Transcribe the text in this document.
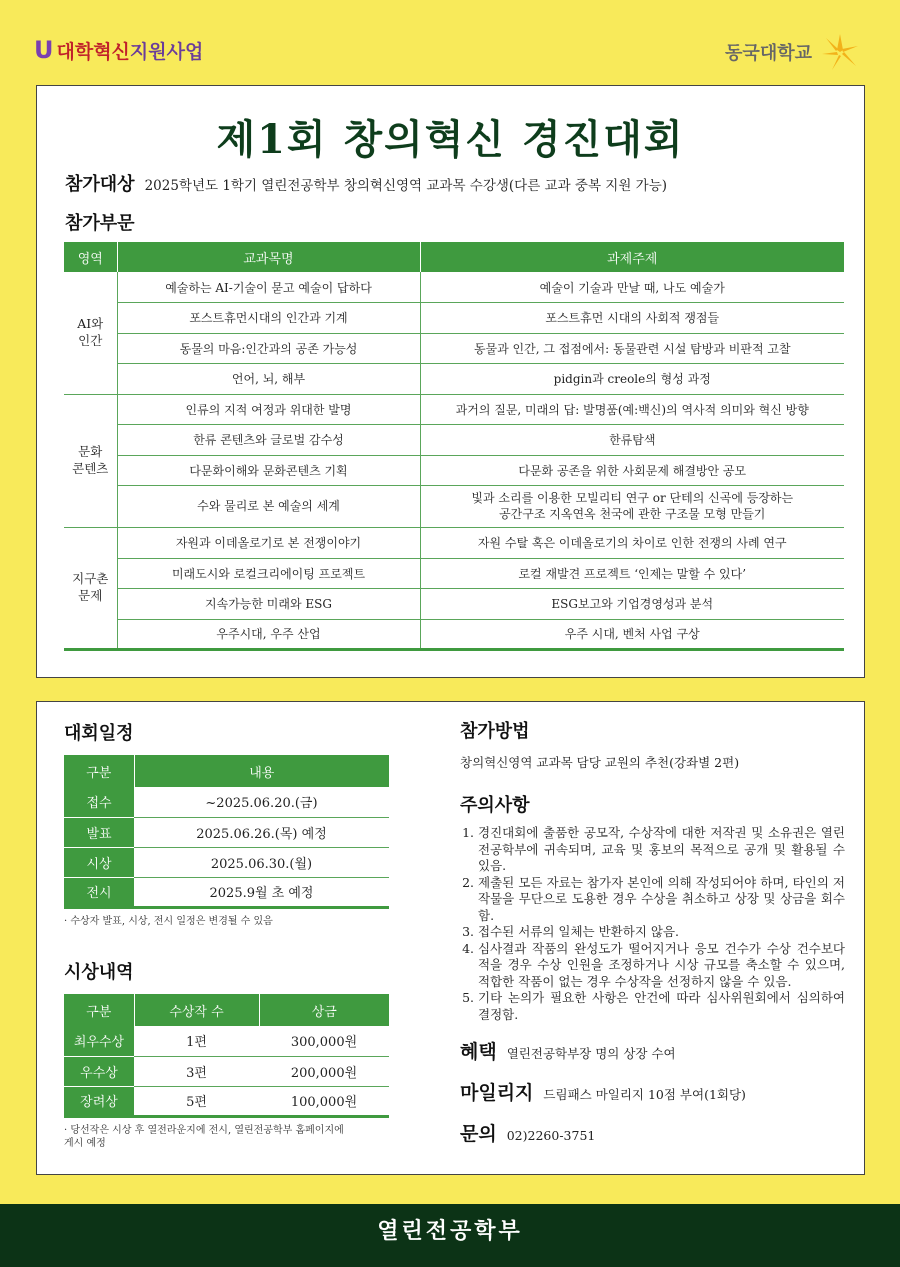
U 대학혁신 지원사업	동국대학교
제1회 창의혁신 경진대회
참가대상 2025학년도 1학기 열린전공학부 창의혁신영역 교과목 수강생(다른 교과 중복 지원 가능)
참가부문
영역	교과목명	과제주제
AI와
인간	예술하는 AI-기술이 묻고 예술이 답하다	예술이 기술과 만날 때, 나도 예술가
	포스트휴먼시대의 인간과 기계	포스트휴먼 시대의 사회적 쟁점들
	동물의 마음:인간과의 공존 가능성	동물과 인간, 그 접점에서: 동물관련 시설 탐방과 비판적 고찰
	언어, 뇌, 해부	pidgin과 creole의 형성 과정
문화
콘텐츠	인류의 지적 여정과 위대한 발명	과거의 질문, 미래의 답: 발명품(예:백신)의 역사적 의미와 혁신 방향
	한류 콘텐츠와 글로벌 감수성	한류탐색
	다문화이해와 문화콘텐츠 기획	다문화 공존을 위한 사회문제 해결방안 공모
	수와 물리로 본 예술의 세계	빛과 소리를 이용한 모빌리티 연구 or 단테의 신곡에 등장하는
공간구조 지옥연옥 천국에 관한 구조물 모형 만들기
지구촌
문제	자원과 이데올로기로 본 전쟁이야기	자원 수탈 혹은 이데올로기의 차이로 인한 전쟁의 사례 연구
	미래도시와 로컬크리에이팅 프로젝트	로컬 재발견 프로젝트 ‘인제는 말할 수 있다’
	지속가능한 미래와 ESG	ESG보고와 기업경영성과 분석
	우주시대, 우주 산업	우주 시대, 벤처 사업 구상
대회일정
구분	내용
접수	~2025.06.20.(금)
발표	2025.06.26.(목) 예정
시상	2025.06.30.(월)
전시	2025.9월 초 예정
· 수상자 발표, 시상, 전시 일정은 변경될 수 있음
시상내역
구분	수상작 수	상금
최우수상	1편	300,000원
우수상	3편	200,000원
장려상	5편	100,000원
· 당선작은 시상 후 열전라운지에 전시, 열린전공학부 홈페이지에
게시 예정
참가방법
창의혁신영역 교과목 담당 교원의 추천(강좌별 2편)
주의사항
1. 경진대회에 출품한 공모작, 수상작에 대한 저작권 및 소유권은 열린전공학부에 귀속되며, 교육 및 홍보의 목적으로 공개 및 활용될 수 있음.
2. 제출된 모든 자료는 참가자 본인에 의해 작성되어야 하며, 타인의 저작물을 무단으로 도용한 경우 수상을 취소하고 상장 및 상금을 회수함.
3. 접수된 서류의 일체는 반환하지 않음.
4. 심사결과 작품의 완성도가 떨어지거나 응모 건수가 수상 건수보다 적을 경우 수상 인원을 조정하거나 시상 규모를 축소할 수 있으며, 적합한 작품이 없는 경우 수상작을 선정하지 않을 수 있음.
5. 기타 논의가 필요한 사항은 안건에 따라 심사위원회에서 심의하여 결정함.
혜택 열린전공학부장 명의 상장 수여
마일리지 드림패스 마일리지 10점 부여(1회당)
문의 02)2260-3751
열린전공학부
